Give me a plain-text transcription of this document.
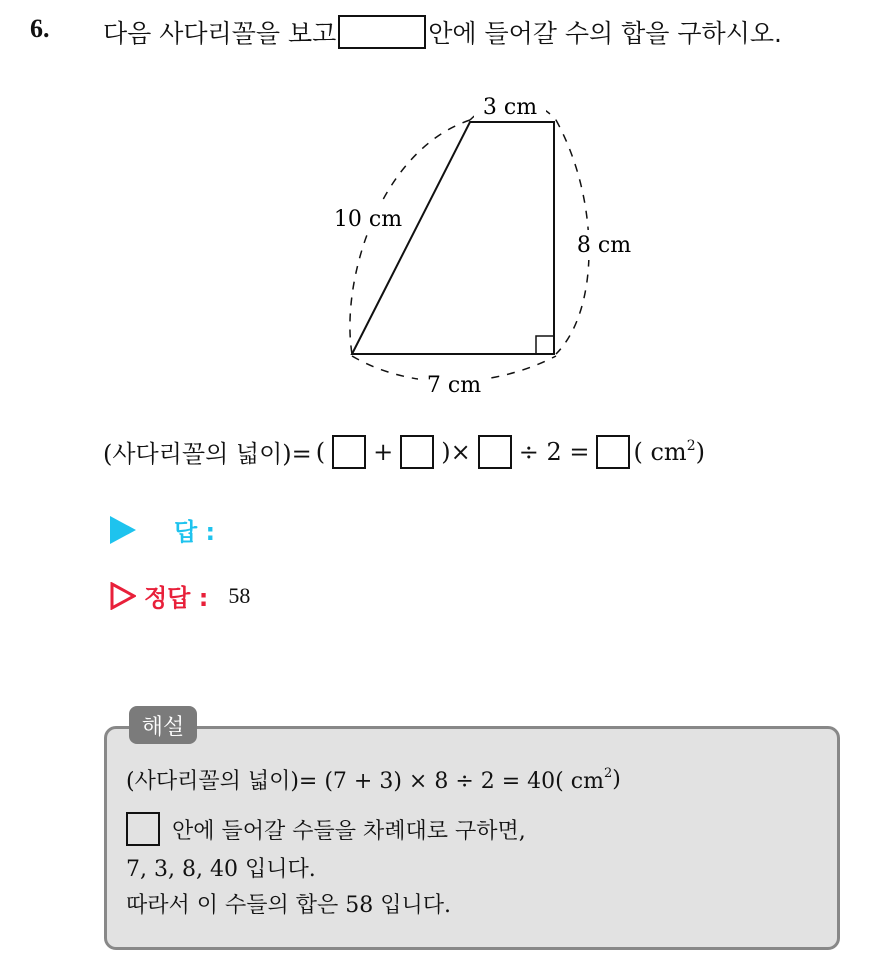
6. 다음 사다리꼴을 보고	안에 들어갈 수의 합을 구하시오.
3 cm
10 cm
8 cm
7 cm
(사다리꼴의 넓이)= ( + )× ÷ 2 = ( $cm^2$ )
답 :
정답 : 58
해설
(사다리꼴의 넓이)= (7 + 3) × 8 ÷ 2 = 40( $cm^2$ )
안에 들어갈 수들을 차례대로 구하면,
7, 3, 8, 40 입니다.
따라서 이 수들의 합은 58 입니다.
